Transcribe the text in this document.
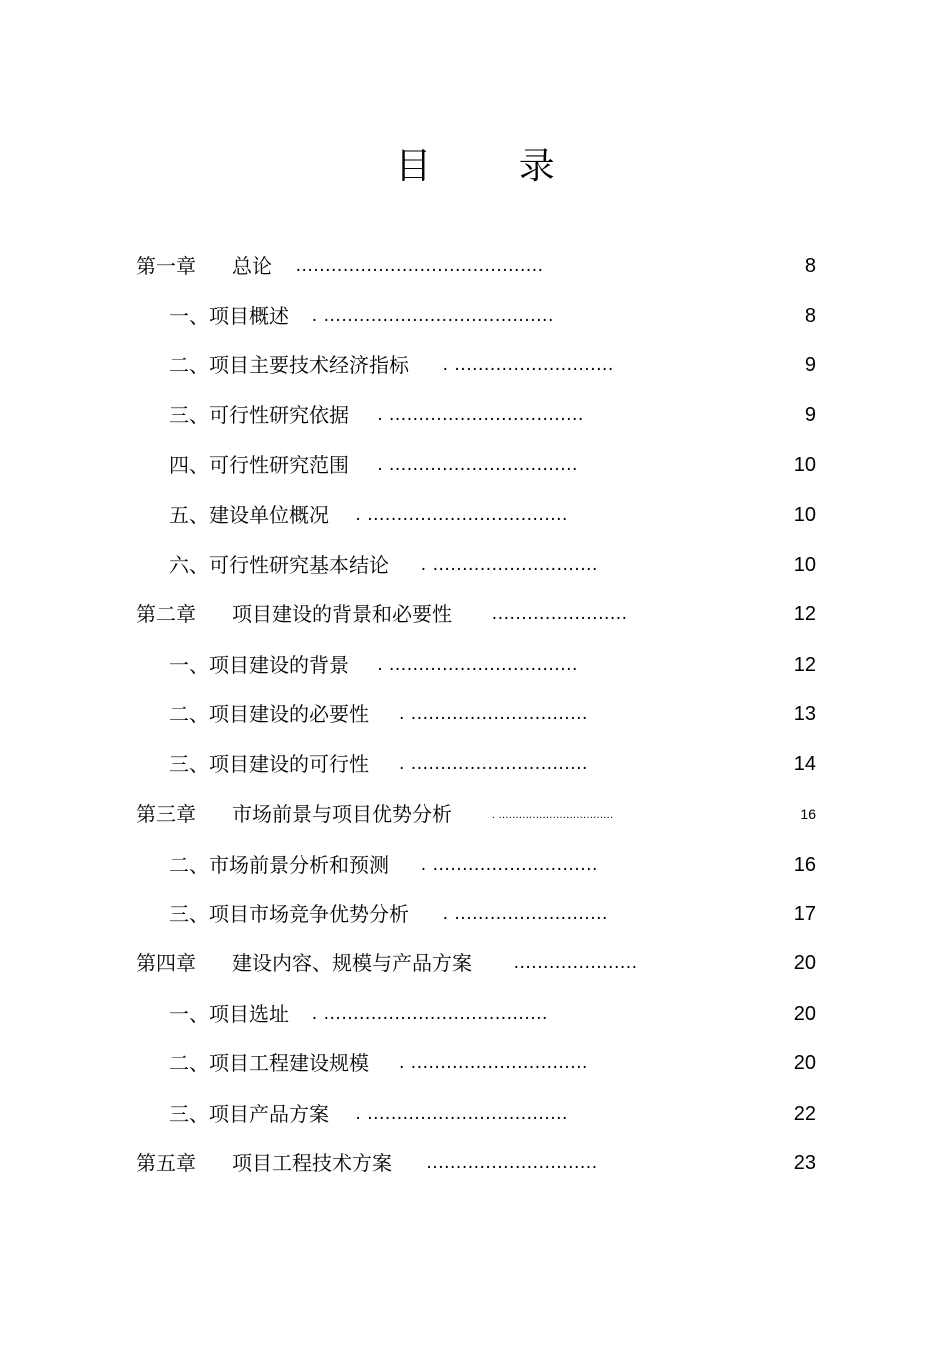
目 录
第一章 总论 ..........................................	8
一、项目概述 . .......................................	8
二、项目主要技术经济指标 . ...........................	9
三、可行性研究依据 . .................................	9
四、可行性研究范围 . ................................	10
五、建设单位概况 . ..................................	10
六、可行性研究基本结论 . ............................	10
第二章 项目建设的背景和必要性 .......................	12
一、项目建设的背景 . ................................	12
二、项目建设的必要性 . ..............................	13
三、项目建设的可行性 . ..............................	14
第三章 市场前景与项目优势分析	. ..................................	16
二、市场前景分析和预测 . ............................	16
三、项目市场竞争优势分析 . ..........................	17
第四章 建设内容、规模与产品方案 .....................	20
一、项目选址 . ......................................	20
二、项目工程建设规模 . ..............................	20
三、项目产品方案 . ..................................	22
第五章 项目工程技术方案 .............................	23
